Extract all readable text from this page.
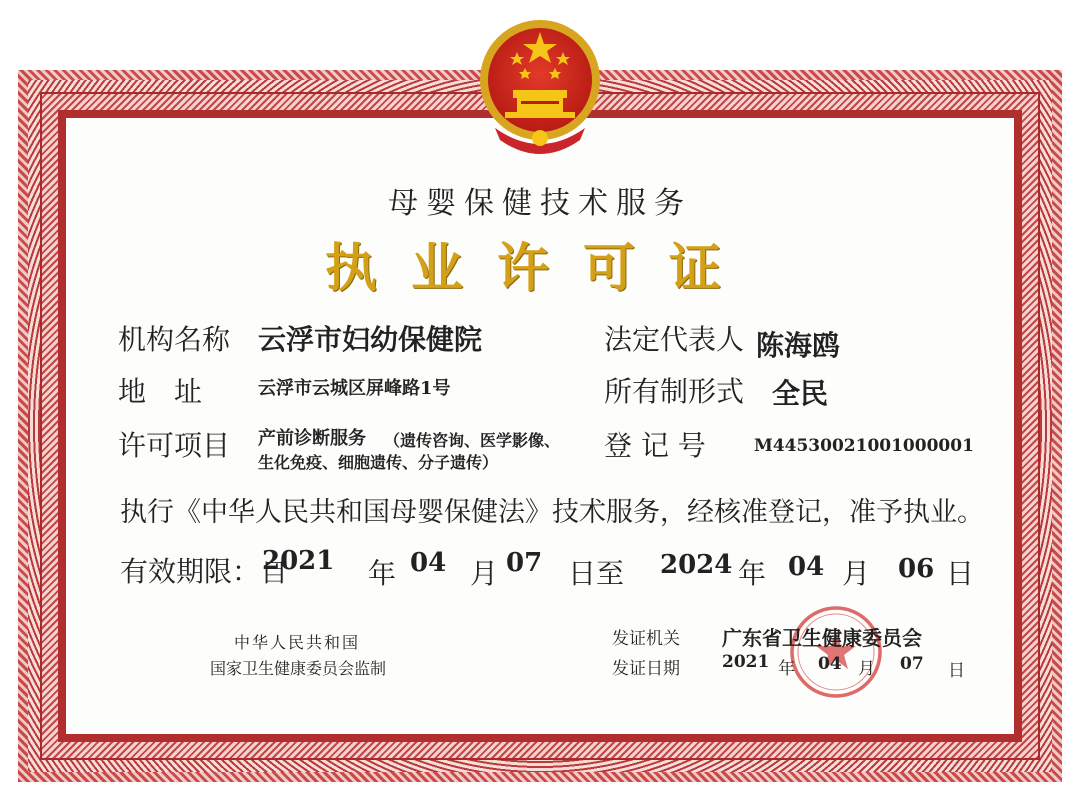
母婴保健技术服务
执业许可证
机构名称 云浮市妇幼保健院	法定代表人 陈海鸥
地　址	云浮市云城区屏峰路1号	所有制形式 全民
许可项目 产前诊断服务 （遗传咨询、医学影像、
生化免疫、细胞遗传、分子遗传）
登 记 号	M44530021001000001
执行《中华人民共和国母婴保健法》技术服务，经核准登记，准予执业。
有效期限：自
2021 年 04 月 07 日至 2024 年 04 月 06 日
中华人民共和国
国家卫生健康委员会监制
发证机关 广东省卫生健康委员会
发证日期 2021 年 04 月 07 日
